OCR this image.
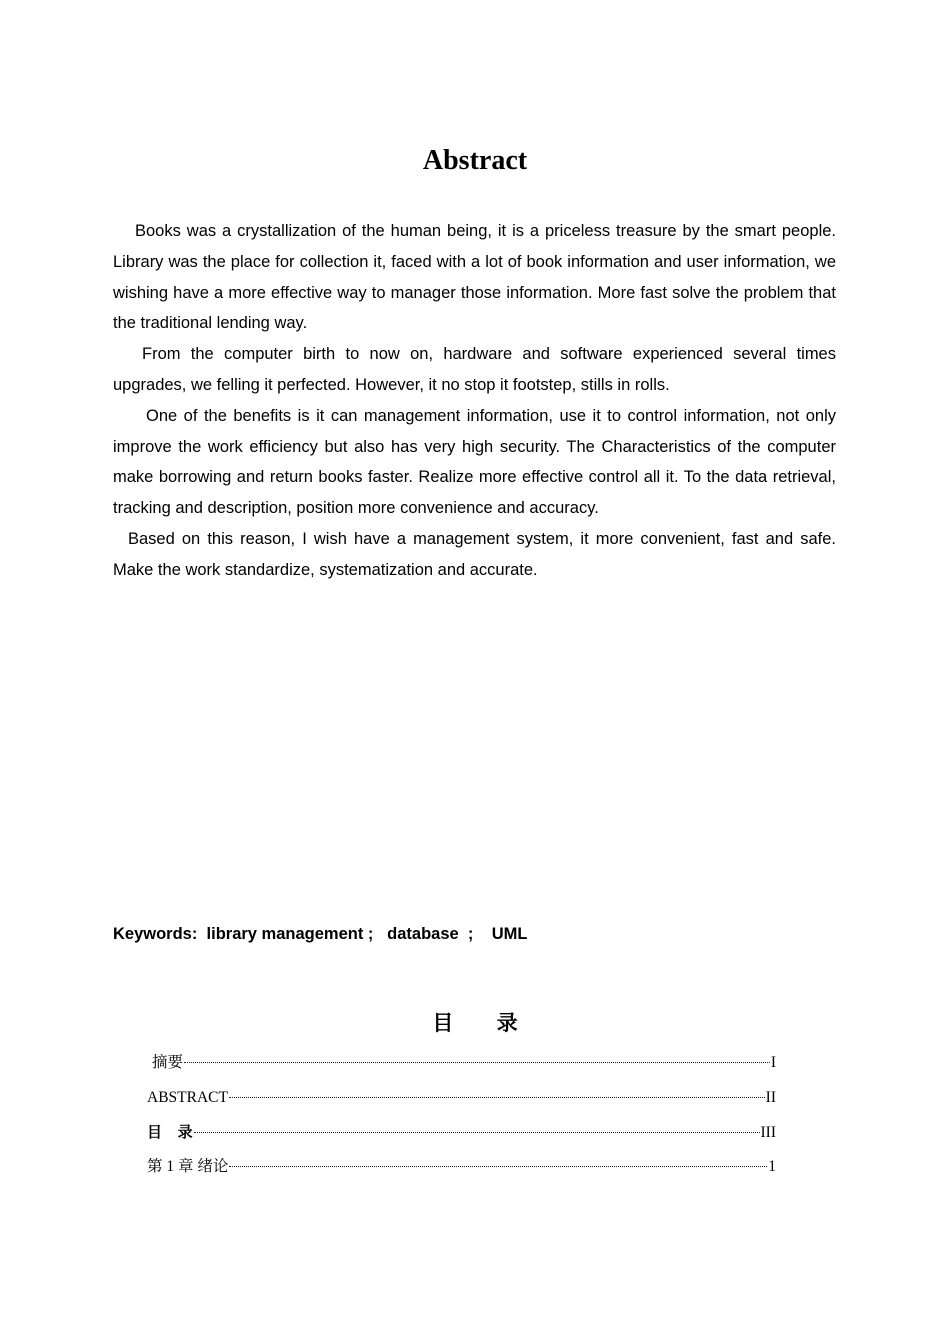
Abstract

Books was a crystallization of the human being, it is a priceless treasure by the smart people. Library was the place for collection it, faced with a lot of book information and user information, we wishing have a more effective way to manager those information. More fast solve the problem that the traditional lending way.

From the computer birth to now on, hardware and software experienced several times upgrades, we felling it perfected. However, it no stop it footstep, stills in rolls.

One of the benefits is it can management information, use it to control information, not only improve the work efficiency but also has very high security. The Characteristics of the computer make borrowing and return books faster. Realize more effective control all it. To the data retrieval, tracking and description, position more convenience and accuracy.

Based on this reason, I wish have a management system, it more convenient, fast and safe. Make the work standardize, systematization and accurate.

Keywords:  library management ;   database  ;    UML
目 录
摘要	I
ABSTRACT	II
目   录	III
第 1 章 绪论	1
